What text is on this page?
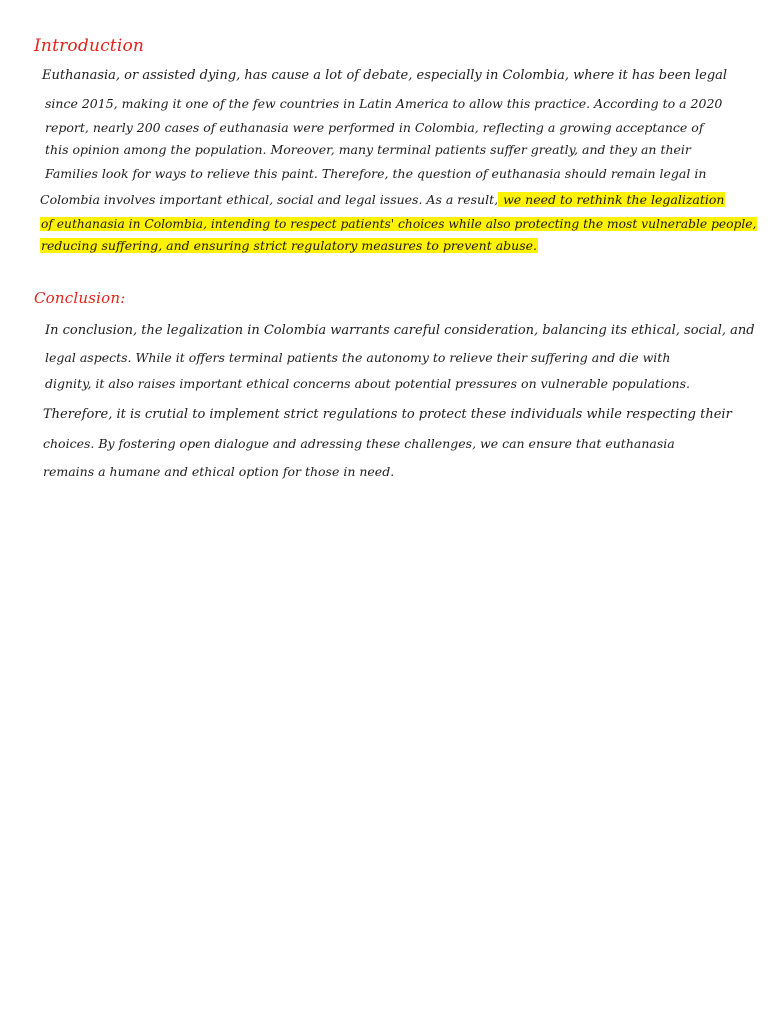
Introduction
Euthanasia, or assisted dying, has cause a lot of debate, especially in Colombia, where it has been legal
since 2015, making it one of the few countries in Latin America to allow this practice. According to a 2020
report, nearly 200 cases of euthanasia were performed in Colombia, reflecting a growing acceptance of
this opinion among the population. Moreover, many terminal patients suffer greatly, and they an their
Families look for ways to relieve this paint. Therefore, the question of euthanasia should remain legal in
Colombia involves important ethical, social and legal issues. As a result, we need to rethink the legalization
of euthanasia in Colombia, intending to respect patients' choices while also protecting the most vulnerable people,
reducing suffering, and ensuring strict regulatory measures to prevent abuse.
Conclusion:
In conclusion, the legalization in Colombia warrants careful consideration, balancing its ethical, social, and
legal aspects. While it offers terminal patients the autonomy to relieve their suffering and die with
dignity, it also raises important ethical concerns about potential pressures on vulnerable populations.
Therefore, it is crutial to implement strict regulations to protect these individuals while respecting their
choices. By fostering open dialogue and adressing these challenges, we can ensure that euthanasia
remains a humane and ethical option for those in need.
